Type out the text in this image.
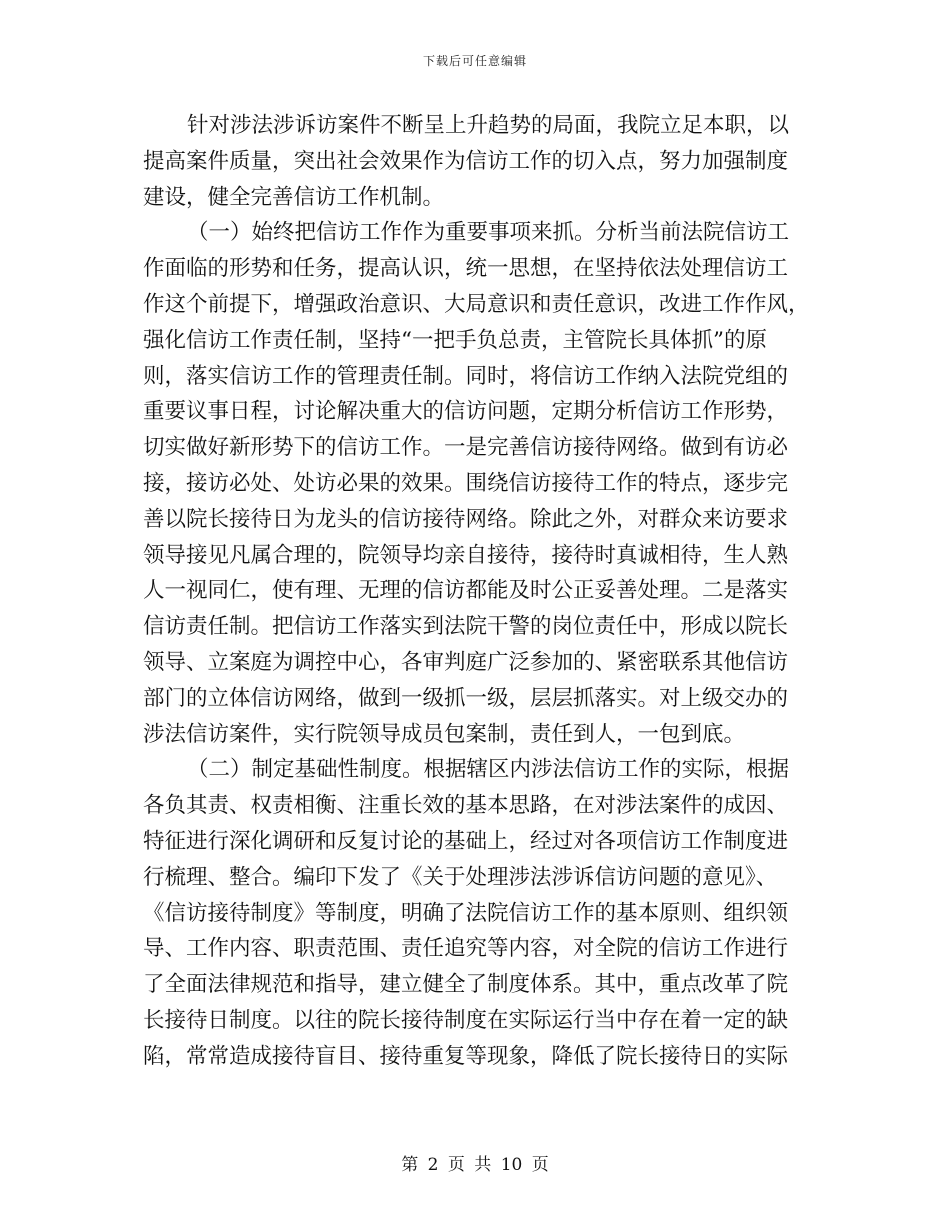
下载后可任意编辑
针对涉法涉诉访案件不断呈上升趋势的局面，我院立足本职，以
提高案件质量，突出社会效果作为信访工作的切入点，努力加强制度
建设，健全完善信访工作机制。
（一）始终把信访工作作为重要事项来抓。分析当前法院信访工
作面临的形势和任务，提高认识，统一思想，在坚持依法处理信访工
作这个前提下，增强政治意识、大局意识和责任意识，改进工作作风，
强化信访工作责任制，坚持“一把手负总责，主管院长具体抓”的原
则，落实信访工作的管理责任制。同时，将信访工作纳入法院党组的
重要议事日程，讨论解决重大的信访问题，定期分析信访工作形势，
切实做好新形势下的信访工作。一是完善信访接待网络。做到有访必
接，接访必处、处访必果的效果。围绕信访接待工作的特点，逐步完
善以院长接待日为龙头的信访接待网络。除此之外，对群众来访要求
领导接见凡属合理的，院领导均亲自接待，接待时真诚相待，生人熟
人一视同仁，使有理、无理的信访都能及时公正妥善处理。二是落实
信访责任制。把信访工作落实到法院干警的岗位责任中，形成以院长
领导、立案庭为调控中心，各审判庭广泛参加的、紧密联系其他信访
部门的立体信访网络，做到一级抓一级，层层抓落实。对上级交办的
涉法信访案件，实行院领导成员包案制，责任到人，一包到底。
（二）制定基础性制度。根据辖区内涉法信访工作的实际，根据
各负其责、权责相衡、注重长效的基本思路，在对涉法案件的成因、
特征进行深化调研和反复讨论的基础上，经过对各项信访工作制度进
行梳理、整合。编印下发了《关于处理涉法涉诉信访问题的意见》、
《信访接待制度》等制度，明确了法院信访工作的基本原则、组织领
导、工作内容、职责范围、责任追究等内容，对全院的信访工作进行
了全面法律规范和指导，建立健全了制度体系。其中，重点改革了院
长接待日制度。以往的院长接待制度在实际运行当中存在着一定的缺
陷，常常造成接待盲目、接待重复等现象，降低了院长接待日的实际
第 2 页 共 10 页
